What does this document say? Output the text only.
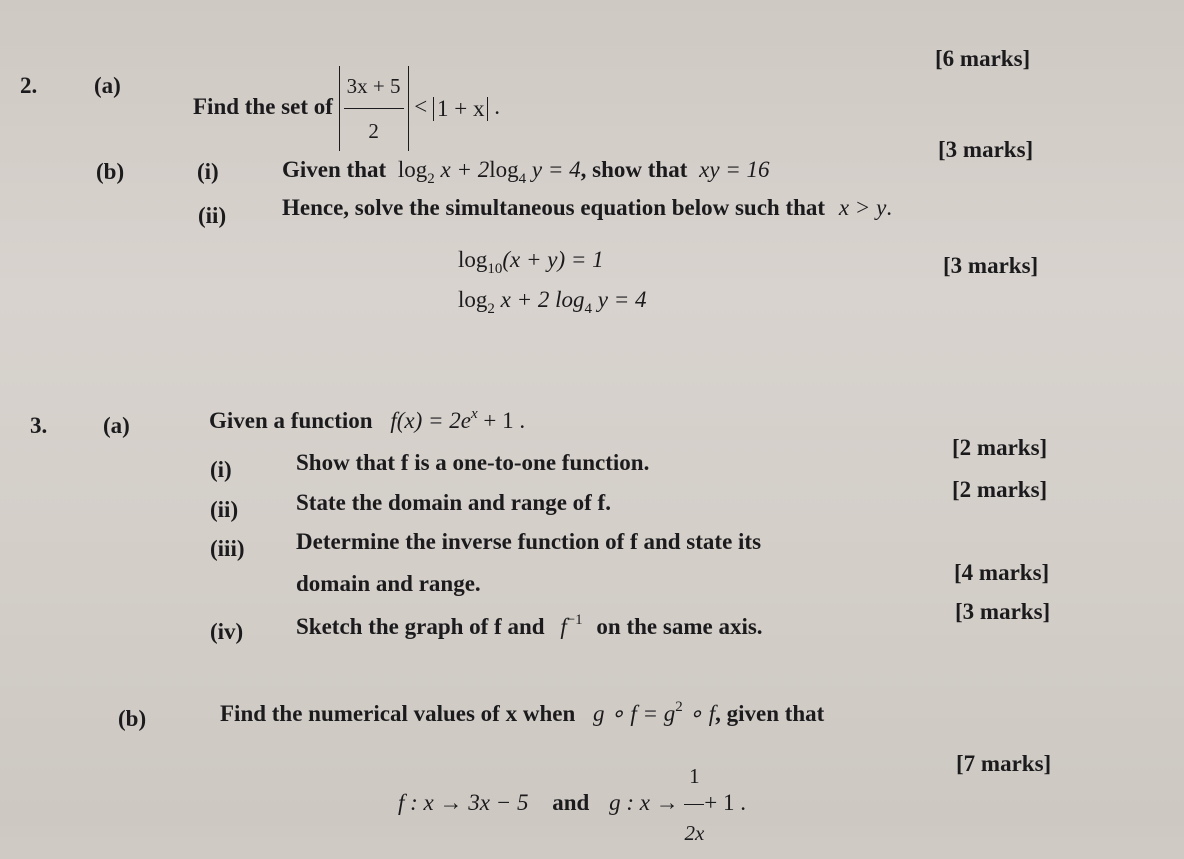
2. (a)
Find the set of $\frac{3x + 5}{2} < 1 + x$ .
[6 marks]
(b)	(i)	Given that $\log_2 x + 2\log_4$ y = 4, show that xy = 16
[3 marks]
(ii) Hence, solve the simultaneous equation below such that x > y.
$\log_{10}(x + y) = 1$
$\log_2 x + 2$ $\log_4 y = 4$
[3 marks]
3. (a)	Given a function $f(x) = 2e^x + 1$ .
(i)	Show that f is a one-to-one function.
[2 marks]
(ii)	State the domain and range of f.
[2 marks]
(iii) Determine the inverse function of f and state its
domain and range.	[4 marks]
(iv) Sketch the graph of f and $f^{-1}$ on the same axis.
[3 marks]
(b)	Find the numerical values of x when g ∘ $f = g^2$ ∘ f, given that
f : x → 3x − 5 and g : $x \to \frac{1}{2x} + 1$ .
[7 marks]
